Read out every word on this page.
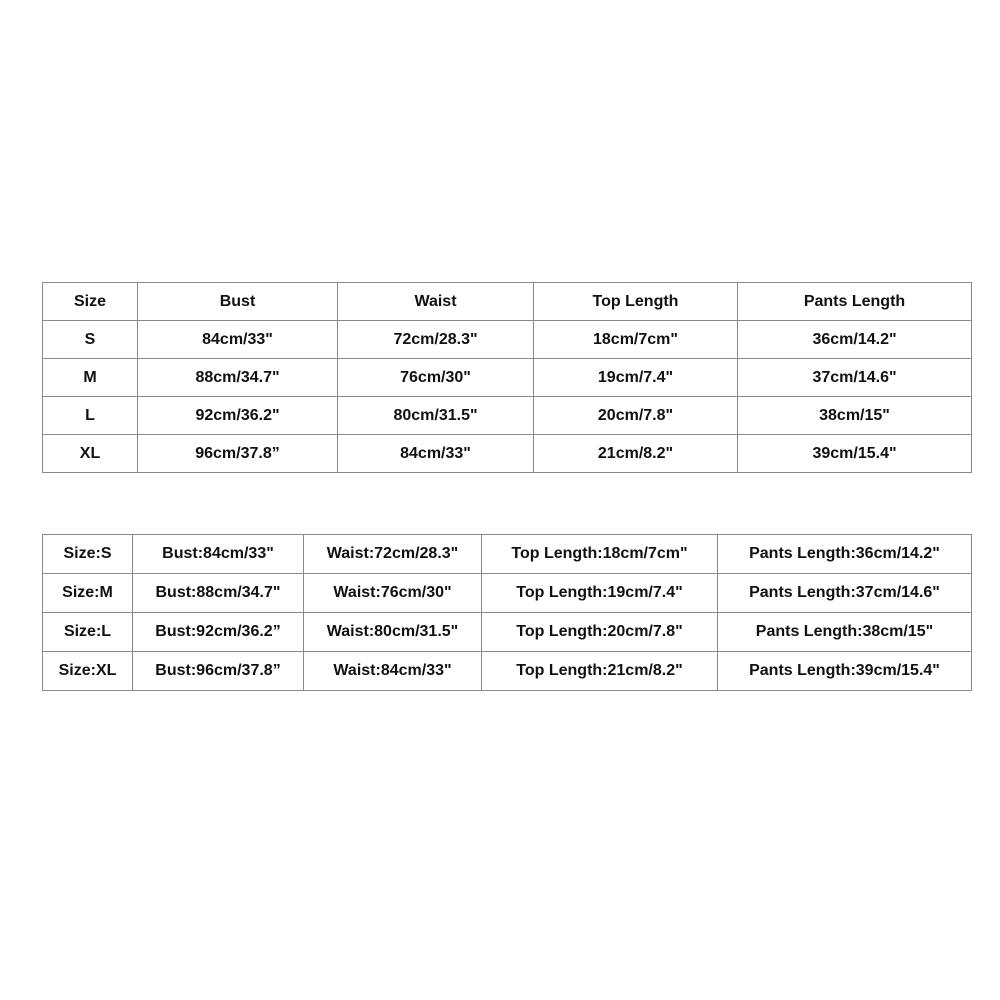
Size	Bust	Waist	Top Length	Pants Length
S	84cm/33"	72cm/28.3"	18cm/7cm"	36cm/14.2"
M	88cm/34.7"	76cm/30"	19cm/7.4"	37cm/14.6"
L	92cm/36.2"	80cm/31.5"	20cm/7.8"	38cm/15"
XL	96cm/37.8”	84cm/33"	21cm/8.2"	39cm/15.4"
Size:S	Bust:84cm/33"	Waist:72cm/28.3"	Top Length:18cm/7cm"	Pants Length:36cm/14.2"
Size:M	Bust:88cm/34.7"	Waist:76cm/30"	Top Length:19cm/7.4"	Pants Length:37cm/14.6"
Size:L	Bust:92cm/36.2”	Waist:80cm/31.5"	Top Length:20cm/7.8"	Pants Length:38cm/15"
Size:XL	Bust:96cm/37.8”	Waist:84cm/33"	Top Length:21cm/8.2"	Pants Length:39cm/15.4"
